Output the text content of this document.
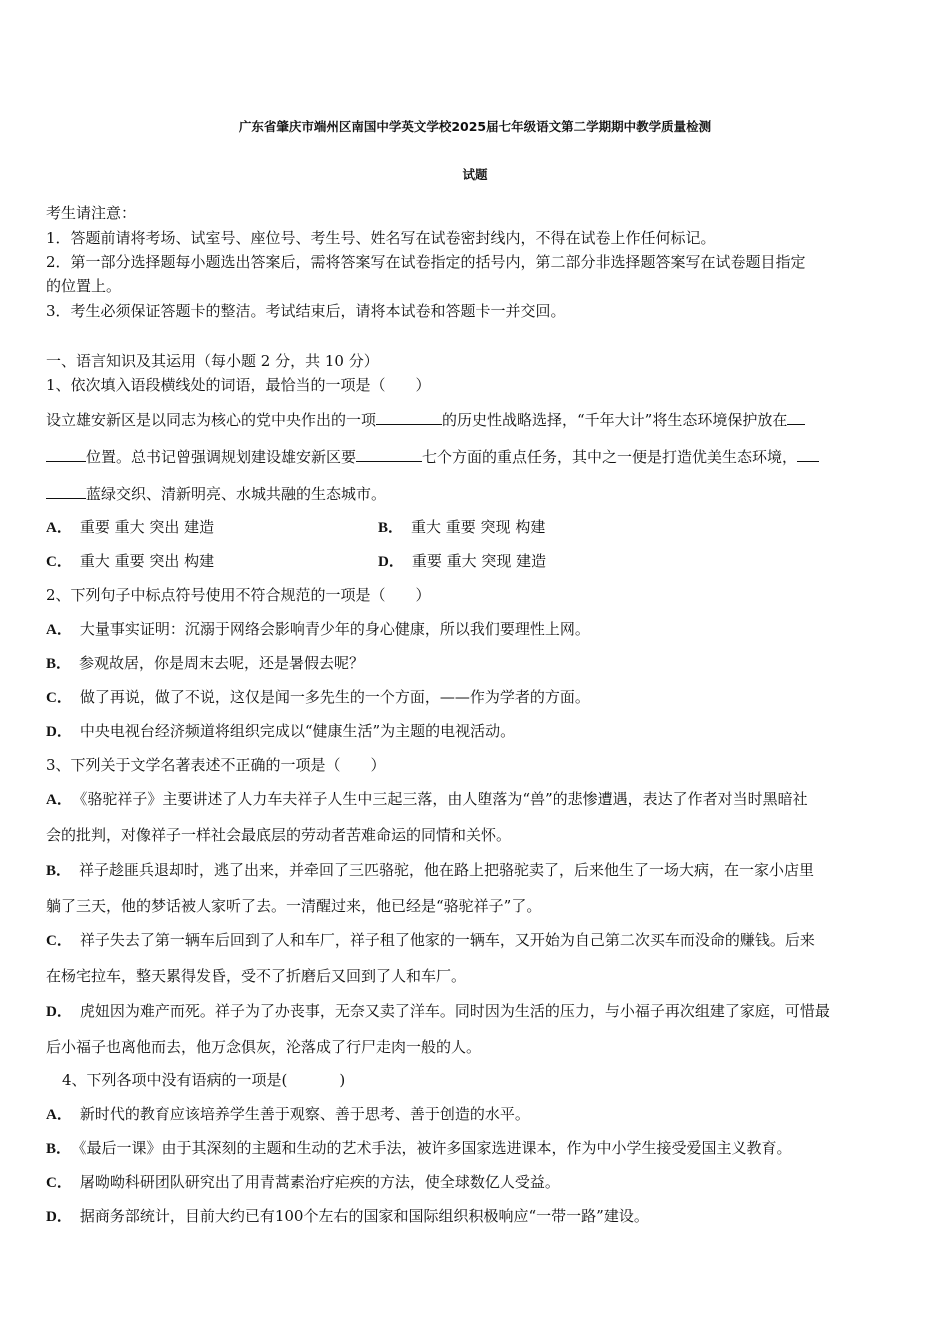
广东省肇庆市端州区南国中学英文学校2025届七年级语文第二学期期中教学质量检测
试题
考生请注意：
1．答题前请将考场、试室号、座位号、考生号、姓名写在试卷密封线内，不得在试卷上作任何标记。
2．第一部分选择题每小题选出答案后，需将答案写在试卷指定的括号内，第二部分非选择题答案写在试卷题目指定
的位置上。
3．考生必须保证答题卡的整洁。考试结束后，请将本试卷和答题卡一并交回。
一、语言知识及其运用（每小题 2 分，共 10 分）
1、依次填入语段横线处的词语，最恰当的一项是（ ）
设立雄安新区是以同志为核心的党中央作出的一项	的历史性战略选择，“千年大计”将生态环境保护放在
位置。总书记曾强调规划建设雄安新区要	七个方面的重点任务，其中之一便是打造优美生态环境，
蓝绿交织、清新明亮、水城共融的生态城市。
A． 重要 重大 突出 建造	B． 重大 重要 突现 构建
C． 重大 重要 突出 构建	D． 重要 重大 突现 建造
2、下列句子中标点符号使用不符合规范的一项是（ ）
A． 大量事实证明：沉溺于网络会影响青少年的身心健康，所以我们要理性上网。
B． 参观故居，你是周末去呢，还是暑假去呢？
C． 做了再说，做了不说，这仅是闻一多先生的一个方面，——作为学者的方面。
D． 中央电视台经济频道将组织完成以“健康生活”为主题的电视活动。
3、下列关于文学名著表述不正确的一项是（ ）
A． 《骆驼祥子》主要讲述了人力车夫祥子人生中三起三落，由人堕落为“兽”的悲惨遭遇，表达了作者对当时黑暗社
会的批判，对像祥子一样社会最底层的劳动者苦难命运的同情和关怀。
B． 祥子趁匪兵退却时，逃了出来，并牵回了三匹骆驼，他在路上把骆驼卖了，后来他生了一场大病，在一家小店里
躺了三天，他的梦话被人家听了去。一清醒过来，他已经是“骆驼祥子”了。
C． 祥子失去了第一辆车后回到了人和车厂，祥子租了他家的一辆车，又开始为自己第二次买车而没命的赚钱。后来
在杨宅拉车，整天累得发昏，受不了折磨后又回到了人和车厂。
D． 虎妞因为难产而死。祥子为了办丧事，无奈又卖了洋车。同时因为生活的压力，与小福子再次组建了家庭，可惜最
后小福子也离他而去，他万念俱灰，沦落成了行尸走肉一般的人。
4、下列各项中没有语病的一项是(	)
A． 新时代的教育应该培养学生善于观察、善于思考、善于创造的水平。
B． 《最后一课》由于其深刻的主题和生动的艺术手法，被许多国家选进课本，作为中小学生接受爱国主义教育。
C． 屠呦呦科研团队研究出了用青蒿素治疗疟疾的方法，使全球数亿人受益。
D． 据商务部统计，目前大约已有100个左右的国家和国际组织积极响应“一带一路”建设。
